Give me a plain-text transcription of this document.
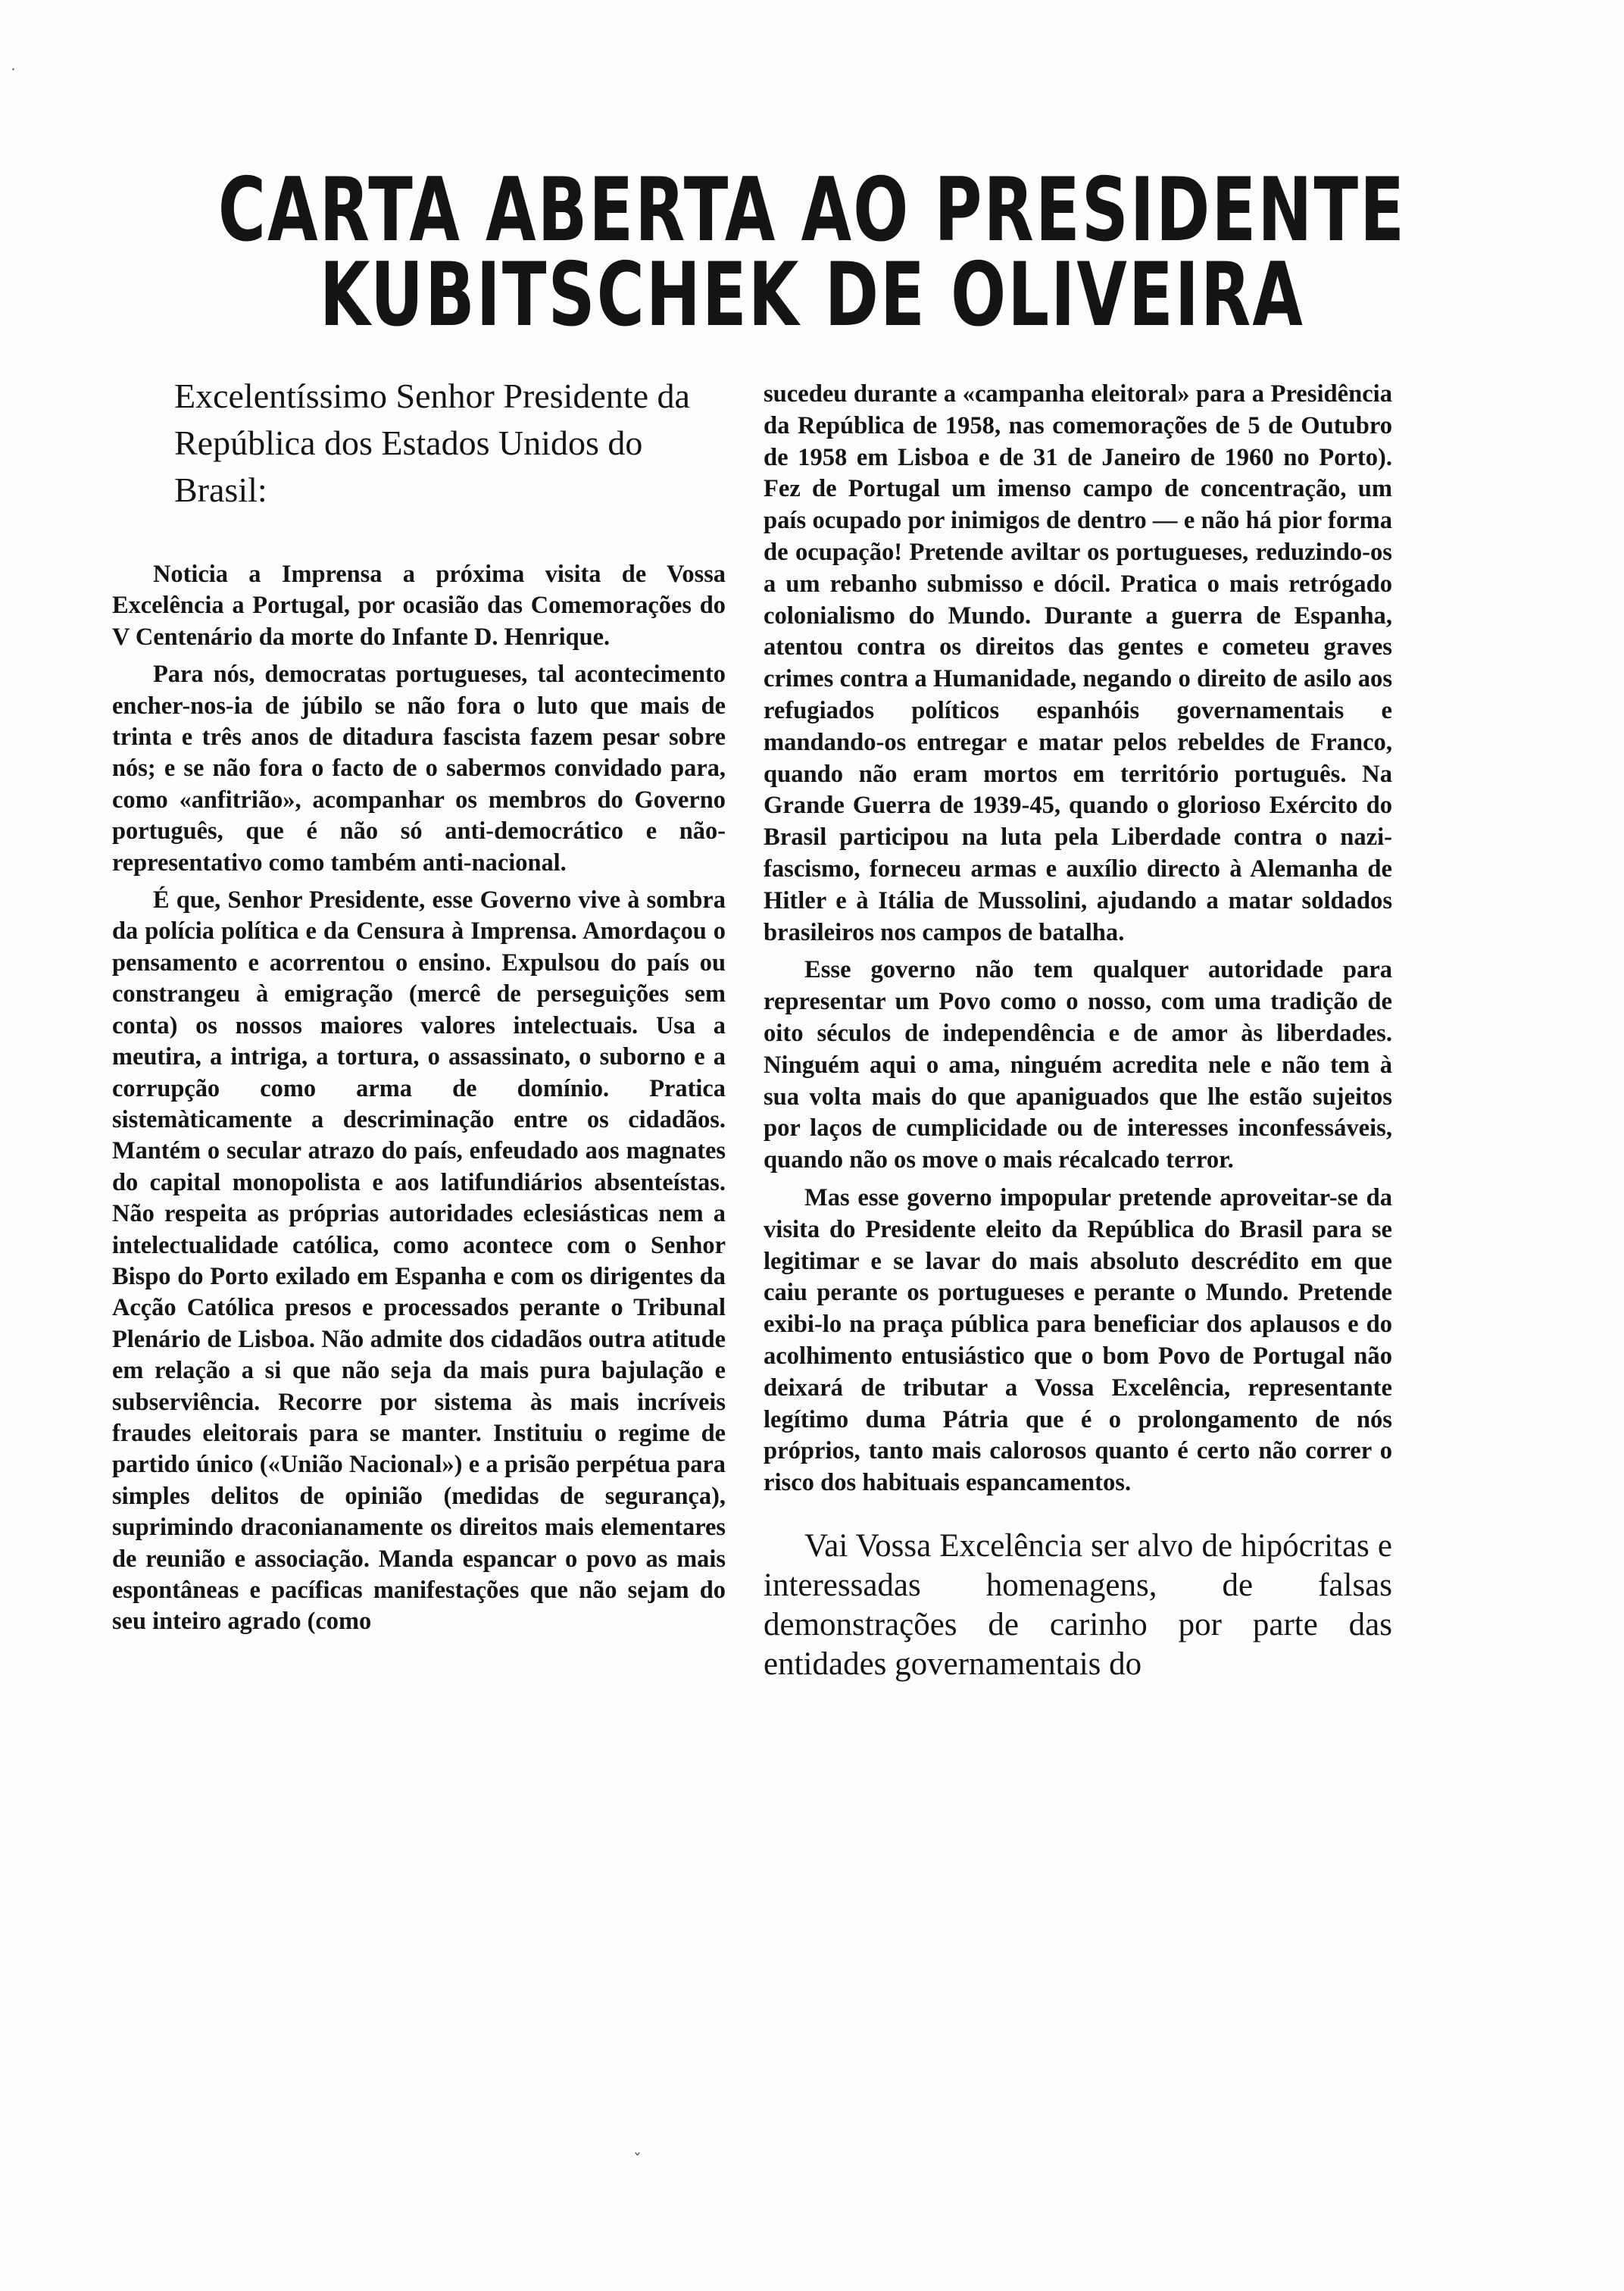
˙
ˇ
CARTA ABERTA AO PRESIDENTE
KUBITSCHEK DE OLIVEIRA

Excelentíssimo Senhor Presidente da República dos Estados Unidos do Brasil:

Noticia a Imprensa a próxima visita de Vossa Excelência a Portugal, por ocasião das Comemorações do V Centenário da morte do Infante D. Henrique.

Para nós, democratas portugueses, tal acontecimento encher-nos-ia de júbilo se não fora o luto que mais de trinta e três anos de ditadura fascista fazem pesar sobre nós; e se não fora o facto de o sabermos convidado para, como «anfitrião», acompanhar os membros do Governo português, que é não só anti-democrático e não-representativo como também anti-nacional.

É que, Senhor Presidente, esse Governo vive à sombra da polícia política e da Censura à Imprensa. Amordaçou o pensamento e acorrentou o ensino. Expulsou do país ou constrangeu à emigração (mercê de perseguições sem conta) os nossos maiores valores intelectuais. Usa a meutira, a intriga, a tortura, o assassinato, o suborno e a corrupção como arma de domínio. Pratica sistemàticamente a descriminação entre os cidadãos. Mantém o secular atrazo do país, enfeudado aos magnates do capital monopolista e aos latifundiários absenteístas. Não respeita as próprias autoridades eclesiásticas nem a intelectualidade católica, como acontece com o Senhor Bispo do Porto exilado em Espanha e com os dirigentes da Acção Católica presos e processados perante o Tribunal Plenário de Lisboa. Não admite dos cidadãos outra atitude em relação a si que não seja da mais pura bajulação e subserviência. Recorre por sistema às mais incríveis fraudes eleitorais para se manter. Instituiu o regime de partido único («União Nacional») e a prisão perpétua para simples delitos de opinião (medidas de segurança), suprimindo draconianamente os direitos mais elementares de reunião e associação. Manda espancar o povo as mais espontâneas e pacíficas manifestações que não sejam do seu inteiro agrado (como

sucedeu durante a «campanha eleitoral» para a Presidência da República de 1958, nas comemorações de 5 de Outubro de 1958 em Lisboa e de 31 de Janeiro de 1960 no Porto). Fez de Portugal um imenso campo de concentração, um país ocupado por inimigos de dentro — e não há pior forma de ocupação! Pretende aviltar os portugueses, reduzindo-os a um rebanho submisso e dócil. Pratica o mais retrógado colonialismo do Mundo. Durante a guerra de Espanha, atentou contra os direitos das gentes e cometeu graves crimes contra a Humanidade, negando o direito de asilo aos refugiados políticos espanhóis governamentais e mandando-os entregar e matar pelos rebeldes de Franco, quando não eram mortos em território português. Na Grande Guerra de 1939-45, quando o glorioso Exército do Brasil participou na luta pela Liberdade contra o nazi-fascismo, forneceu armas e auxílio directo à Alemanha de Hitler e à Itália de Mussolini, ajudando a matar soldados brasileiros nos campos de batalha.

Esse governo não tem qualquer autoridade para representar um Povo como o nosso, com uma tradição de oito séculos de independência e de amor às liberdades. Ninguém aqui o ama, ninguém acredita nele e não tem à sua volta mais do que apaniguados que lhe estão sujeitos por laços de cumplicidade ou de interesses inconfessáveis, quando não os move o mais récalcado terror.

Mas esse governo impopular pretende aproveitar-se da visita do Presidente eleito da República do Brasil para se legitimar e se lavar do mais absoluto descrédito em que caiu perante os portugueses e perante o Mundo. Pretende exibi-lo na praça pública para beneficiar dos aplausos e do acolhimento entusiástico que o bom Povo de Portugal não deixará de tributar a Vossa Excelência, representante legítimo duma Pátria que é o prolongamento de nós próprios, tanto mais calorosos quanto é certo não correr o risco dos habituais espancamentos.

Vai Vossa Excelência ser alvo de hipócritas e interessadas homenagens, de falsas demonstrações de carinho por parte das entidades governamentais do
